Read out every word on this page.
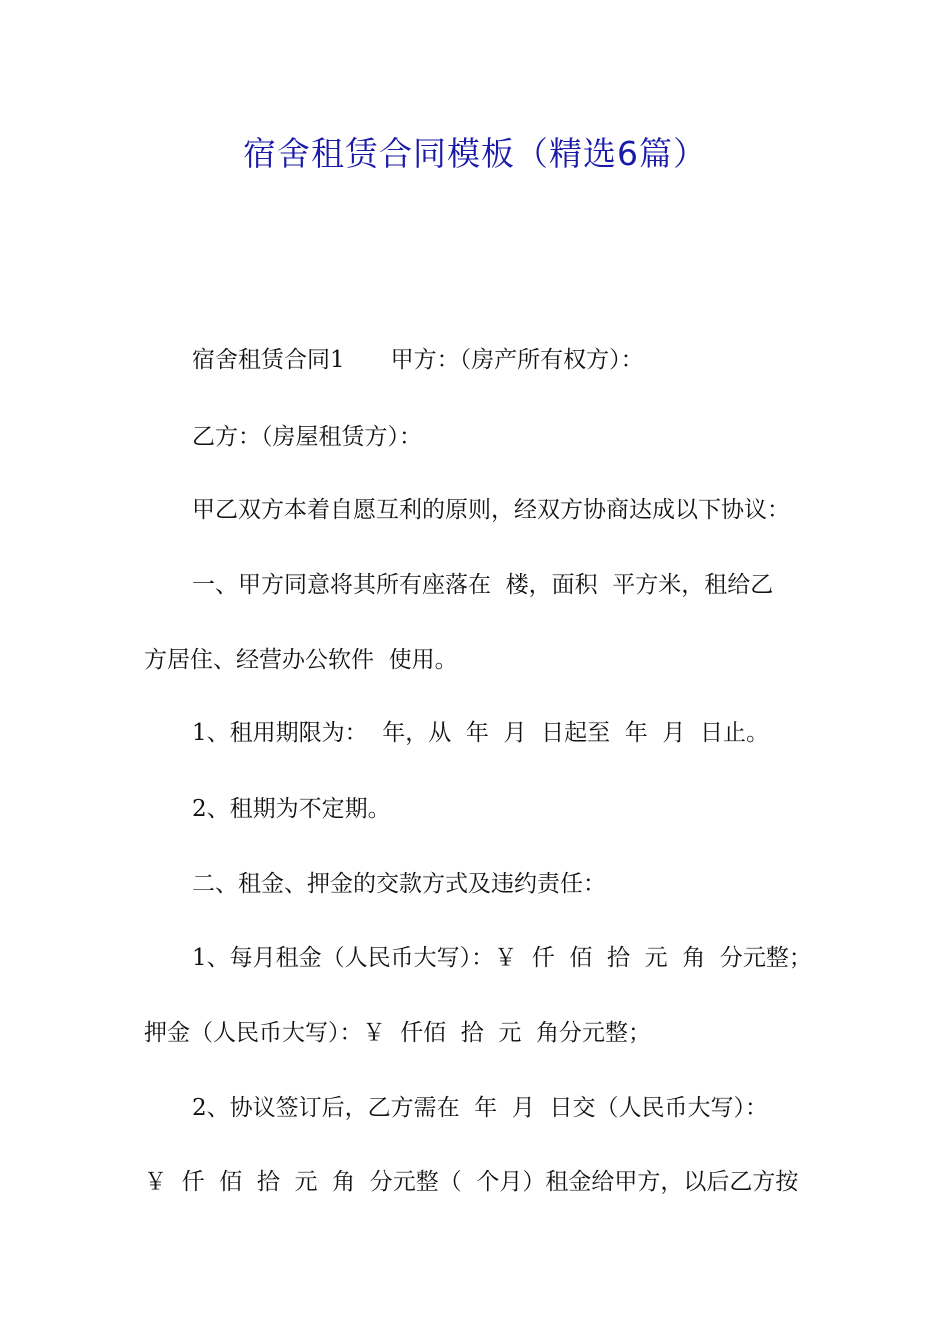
宿舍租赁合同模板（精选6篇）
宿舍租赁合同1　　甲方：（房产所有权方）：
乙方：（房屋租赁方）：
甲乙双方本着自愿互利的原则，经双方协商达成以下协议：
一、甲方同意将其所有座落在  楼，面积  平方米，租给乙
方居住、经营办公软件  使用。
1、租用期限为：  年，从  年  月  日起至  年  月  日止。
2、租期为不定期。
二、租金、押金的交款方式及违约责任：
1、每月租金（人民币大写）：￥  仟  佰  拾  元  角  分元整；
押金（人民币大写）：￥  仟佰  拾  元  角分元整；
2、协议签订后，乙方需在  年  月  日交（人民币大写）：
￥  仟  佰  拾  元  角  分元整（  个月）租金给甲方，以后乙方按
